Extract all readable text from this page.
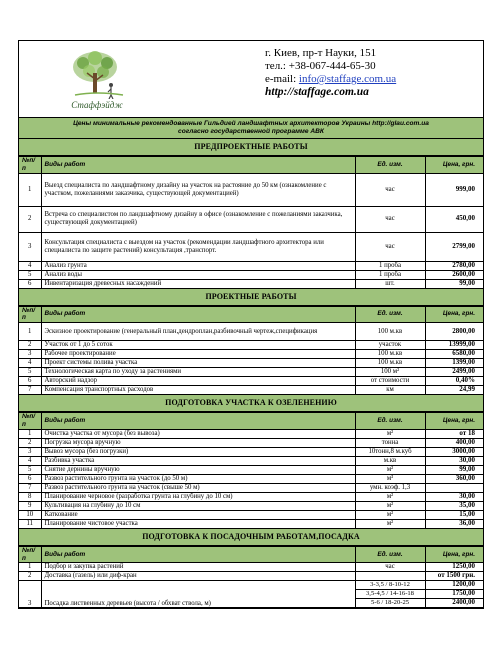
Стаффэйдж
г. Киев, пр-т Науки, 151
тел.: +38-067-444-65-30
e-mail: info@staffage.com.ua
http://staffage.com.ua
Цены минимальные рекомендованные Гильдией ландшафтных архитекторов Украины http://glau.com.ua
согласно государственной программе АВК
ПРЕДПРОЕКТНЫЕ РАБОТЫ
№п/п	Виды работ	Ед. изм.	Цена, грн.
1	Выезд специалиста по ландшафтному дизайну на участок на растояние до 50 км (ознакомление с участком, пожеланиями заказчика, существующей документацией)	час	999,00
2	Встреча со специалистом по ландшафтному дизайну в офисе (ознакомление с пожеланиями заказчика, существующей документацией)	час	450,00
3	Консультация специалиста с выездом на участок (рекомендации ландшафтного архитектора или специалиста по защите растений) консультация ,транспорт.	час	2799,00
4	Анализ грунта	1 проба	2780,00
5	Анализ воды	1 проба	2600,00
6	Инвентаризация древесных насаждений	шт.	99,00
ПРОЕКТНЫЕ РАБОТЫ
№п/п	Виды работ	Ед. изм.	Цена, грн.
1	Эскизное проектирование (генеральный план,дендроплан,разбивочный чертеж,спецификация	100 м.кв	2800,00
2	Участок от 1 до 5 соток	участок	13999,00
3	Рабочее проектирование	100 м.кв	6580,00
4	Проект системы полива участка	100 м.кв	1399,00
5	Технологическая карта по уходу за растениями	100 м²	2499,00
6	Авторский надзор	от стоимости	0,40%
7	Компенсация транспортных расходов	км	24,99
ПОДГОТОВКА УЧАСТКА К ОЗЕЛЕНЕНИЮ
№п/п	Виды работ	Ед. изм.	Цена, грн.
1	Очистка участка от мусора (без вывоза)	м²	от 18
2	Погрузка мусора вручную	тонна	400,00
3	Вывоз мусора (без погрузки)	10тонн,8 м.куб	3000,00
4	Разбивка участка	м.кв	30,00
5	Снятие дернины вручную	м²	99,00
6	Развоз растительного грунта на участок (до 50 м)	м³	360,00
7	Развоз растительного грунта на участок (свыше 50 м)	умн. коэф. 1,3	
8	Планирование черновое (разработка грунта на глубину до 10 см)	м²	30,00
9	Культивация на глубину до 10 см	м²	35,00
10	Катковaние	м²	15,00
11	Планирование чистовое участка	м²	36,00
ПОДГОТОВКА К ПОСАДОЧНЫМ РАБОТАМ,ПОСАДКА
№п/п	Виды работ	Ед. изм.	Цена, грн.
1	Подбор и закупка растений	час	1250,00
2	Доставка (газель) или диф-кран		от 1500 грн.
3	Посадка лиственных деревьев (высота / обхват ствола, м)	3-3,5 / 8-10-12	1200,00
		3,5-4,5 / 14-16-18	1750,00
		5-6 / 18-20-25	2400,00
